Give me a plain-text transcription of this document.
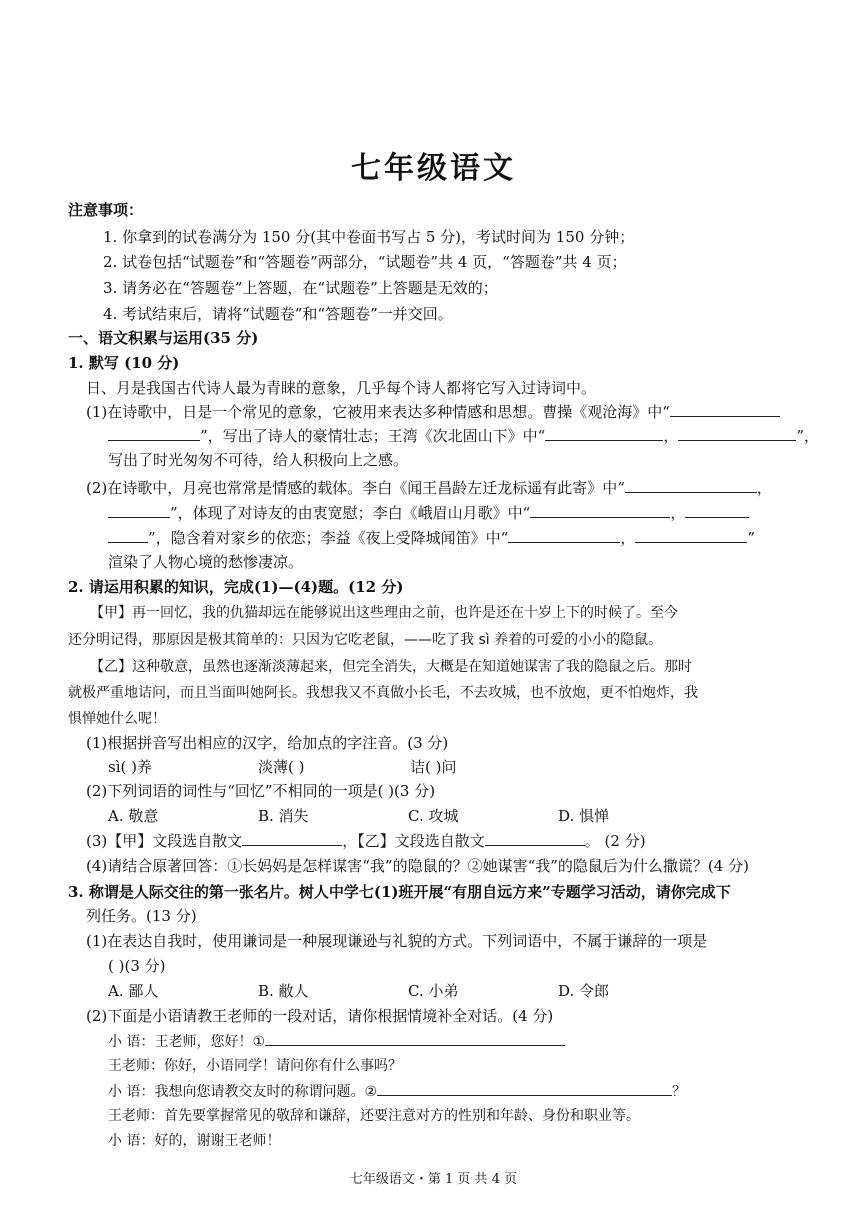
七年级语文
注意事项：
1. 你拿到的试卷满分为 150 分(其中卷面书写占 5 分)，考试时间为 150 分钟；
2. 试卷包括“试题卷”和“答题卷”两部分，“试题卷”共 4 页，“答题卷”共 4 页；
3. 请务必在“答题卷”上答题，在“试题卷”上答题是无效的；
4. 考试结束后，请将“试题卷”和“答题卷”一并交回。
一、语文积累与运用(35 分)
1. 默写 (10 分)
日、月是我国古代诗人最为青睐的意象，几乎每个诗人都将它写入过诗词中。
(1)在诗歌中，日是一个常见的意象，它被用来表达多种情感和思想。曹操《观沧海》中“
”，写出了诗人的豪情壮志；王湾《次北固山下》中“	，	”，
写出了时光匆匆不可待，给人积极向上之感。
(2)在诗歌中，月亮也常常是情感的载体。李白《闻王昌龄左迁龙标遥有此寄》中“	，
”，体现了对诗友的由衷宽慰；李白《峨眉山月歌》中“	，
”，隐含着对家乡的依恋；李益《夜上受降城闻笛》中“	，	”
渲染了人物心境的愁惨凄凉。
2. 请运用积累的知识，完成(1)—(4)题。(12 分)
【甲】再一回忆，我的仇猫却远在能够说出这些理由之前，也许是还在十岁上下的时候了。至今
还分明记得，那原因是极其简单的：只因为它吃老鼠，——吃了我 sì 养着的可爱的小小的隐鼠。
【乙】这种敬意，虽然也逐渐淡薄起来，但完全消失，大概是在知道她谋害了我的隐鼠之后。那时
就极严重地诘问，而且当面叫她阿长。我想我又不真做小长毛，不去攻城，也不放炮，更不怕炮炸，我
惧惮她什么呢！
(1)根据拼音写出相应的汉字，给加点的字注音。(3 分)
sì( )养	淡薄( )	诘( )问
(2)下列词语的词性与“回忆”不相同的一项是( )(3 分)
A. 敬意	B. 消失	C. 攻城	D. 惧惮
(3)【甲】文段选自散文	，【乙】文段选自散文	。 (2 分)
(4)请结合原著回答：①长妈妈是怎样谋害“我”的隐鼠的？②她谋害“我”的隐鼠后为什么撒谎？(4 分)
3. 称谓是人际交往的第一张名片。树人中学七(1)班开展“有朋自远方来”专题学习活动，请你完成下
列任务。(13 分)
(1)在表达自我时，使用谦词是一种展现谦逊与礼貌的方式。下列词语中，不属于谦辞的一项是
( )(3 分)
A. 鄙人	B. 敝人	C. 小弟	D. 令郎
(2)下面是小语请教王老师的一段对话，请你根据情境补全对话。(4 分)
小 语：王老师，您好！①
王老师：你好，小语同学！请问你有什么事吗？
小 语：我想向您请教交友时的称谓问题。②	？
王老师：首先要掌握常见的敬辞和谦辞，还要注意对方的性别和年龄、身份和职业等。
小 语：好的，谢谢王老师！
七年级语文・第 1 页 共 4 页
